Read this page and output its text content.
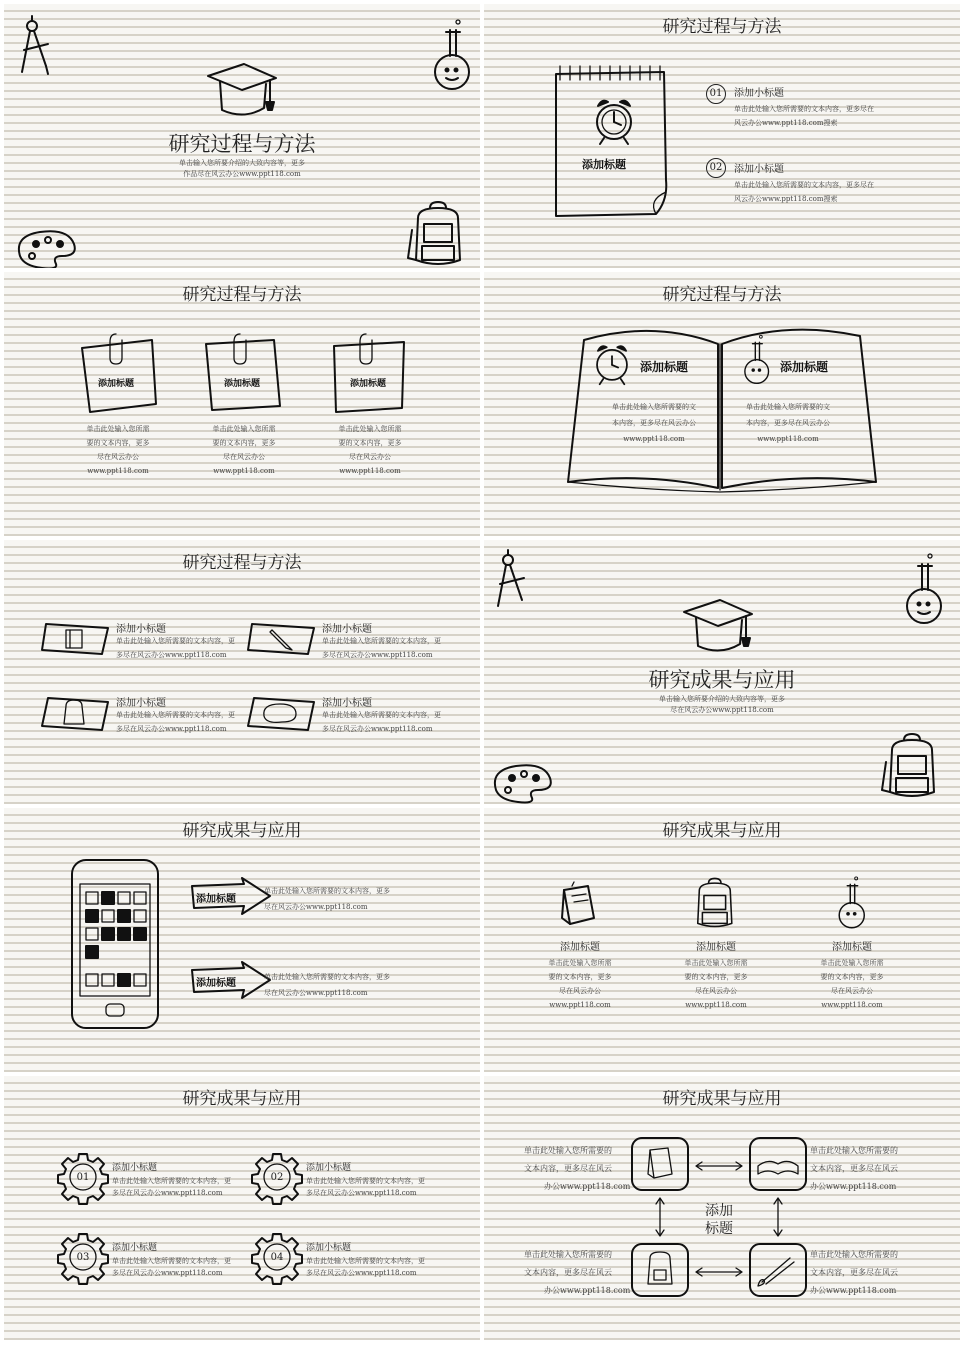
研究过程与方法
单击输入您所要介绍的大致内容等，更多
作品尽在风云办公www.ppt118.com
研究过程与方法
添加标题
01	添加小标题
单击此处输入您所需要的文本内容，更多尽在
风云办公www.ppt118.com搜索
02	添加小标题
单击此处输入您所需要的文本内容，更多尽在
风云办公www.ppt118.com搜索
研究过程与方法
添加标题
单击此处输入您所需
要的文本内容，更多
尽在风云办公
www.ppt118.com
添加标题
单击此处输入您所需
要的文本内容，更多
尽在风云办公
www.ppt118.com
添加标题
单击此处输入您所需
要的文本内容，更多
尽在风云办公
www.ppt118.com
研究过程与方法
添加标题
单击此处输入您所需要的文
本内容，更多尽在风云办公
www.ppt118.com
添加标题
单击此处输入您所需要的文
本内容，更多尽在风云办公
www.ppt118.com
研究过程与方法
添加小标题
单击此处输入您所需要的文本内容，更
多尽在风云办公www.ppt118.com
添加小标题
单击此处输入您所需要的文本内容，更
多尽在风云办公www.ppt118.com
添加小标题
单击此处输入您所需要的文本内容，更
多尽在风云办公www.ppt118.com
添加小标题
单击此处输入您所需要的文本内容，更
多尽在风云办公www.ppt118.com
研究成果与应用
单击输入您所要介绍的大致内容等，更多
尽在风云办公www.ppt118.com
研究成果与应用
添加标题
单击此处输入您所需要的文本内容，更多
尽在风云办公www.ppt118.com
添加标题
单击此处输入您所需要的文本内容，更多
尽在风云办公www.ppt118.com
研究成果与应用
添加标题
单击此处输入您所需
要的文本内容，更多
尽在风云办公
www.ppt118.com
添加标题
单击此处输入您所需
要的文本内容，更多
尽在风云办公
www.ppt118.com
添加标题
单击此处输入您所需
要的文本内容，更多
尽在风云办公
www.ppt118.com
研究成果与应用
01
添加小标题
单击此处输入您所需要的文本内容，更
多尽在风云办公www.ppt118.com
02
添加小标题
单击此处输入您所需要的文本内容，更
多尽在风云办公www.ppt118.com
03
添加小标题
单击此处输入您所需要的文本内容，更
多尽在风云办公www.ppt118.com
04
添加小标题
单击此处输入您所需要的文本内容，更
多尽在风云办公www.ppt118.com
研究成果与应用
单击此处输入您所需要的
文本内容，更多尽在风云
办公www.ppt118.com
单击此处输入您所需要的
文本内容，更多尽在风云
办公www.ppt118.com
添加
标题
单击此处输入您所需要的
文本内容，更多尽在风云
办公www.ppt118.com
单击此处输入您所需要的
文本内容，更多尽在风云
办公www.ppt118.com
